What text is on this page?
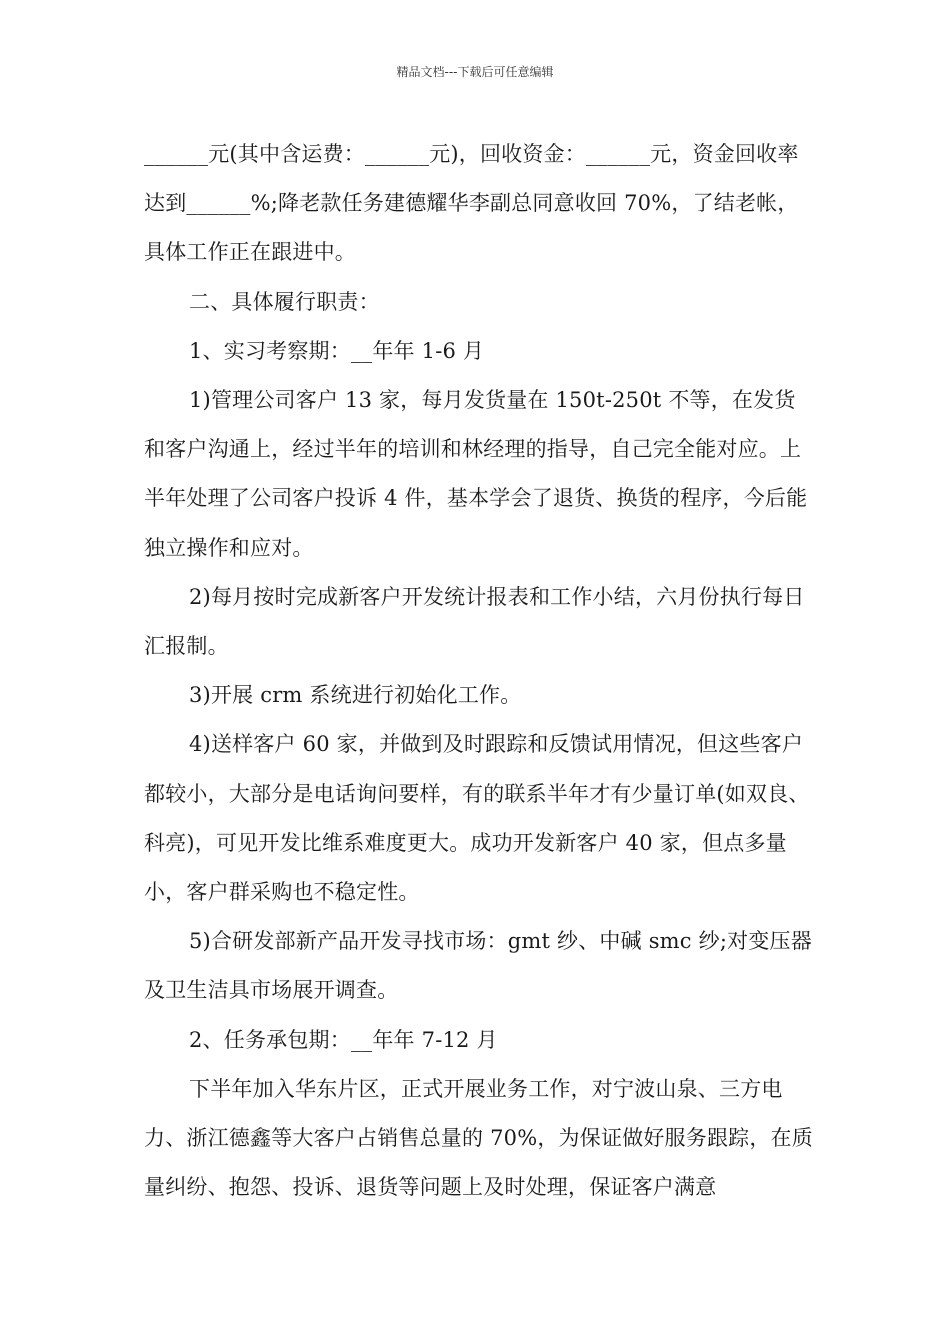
精品文档---下载后可任意编辑

______元(其中含运费：______元)，回收资金：______元，资金回收率达到______%;降老款任务建德耀华李副总同意收回 70%，了结老帐，具体工作正在跟进中。

二、具体履行职责：

1、实习考察期：__年年 1-6 月

1)管理公司客户 13 家，每月发货量在 150t-250t 不等，在发货和客户沟通上，经过半年的培训和林经理的指导，自己完全能对应。上半年处理了公司客户投诉 4 件，基本学会了退货、换货的程序，今后能独立操作和应对。

2)每月按时完成新客户开发统计报表和工作小结，六月份执行每日汇报制。

3)开展 crm 系统进行初始化工作。

4)送样客户 60 家，并做到及时跟踪和反馈试用情况，但这些客户都较小，大部分是电话询问要样，有的联系半年才有少量订单(如双良、科亮)，可见开发比维系难度更大。成功开发新客户 40 家，但点多量小，客户群采购也不稳定性。

5)合研发部新产品开发寻找市场：gmt 纱、中碱 smc 纱;对变压器及卫生洁具市场展开调查。

2、任务承包期：__年年 7-12 月

下半年加入华东片区，正式开展业务工作，对宁波山泉、三方电力、浙江德鑫等大客户占销售总量的 70%，为保证做好服务跟踪，在质量纠纷、抱怨、投诉、退货等问题上及时处理，保证客户满意
